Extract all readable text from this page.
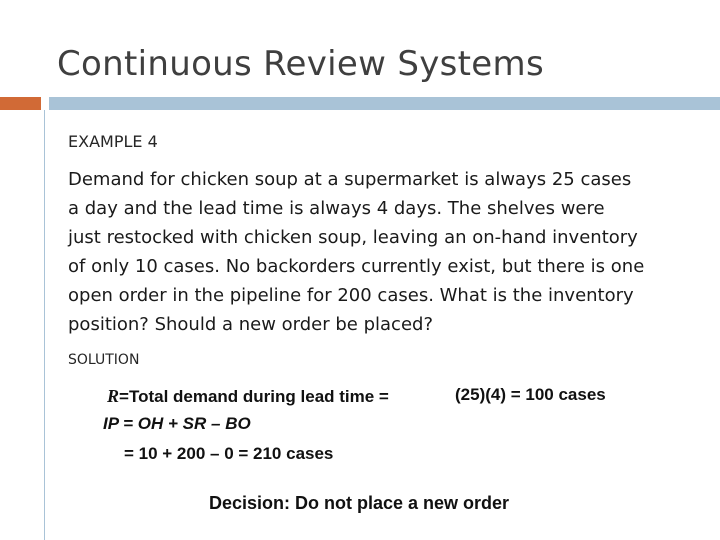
Continuous Review Systems
EXAMPLE 4
Demand for chicken soup at a supermarket is always 25 cases
a day and the lead time is always 4 days. The shelves were
just restocked with chicken soup, leaving an on-hand inventory
of only 10 cases. No backorders currently exist, but there is one
open order in the pipeline for 200 cases. What is the inventory
position? Should a new order be placed?
SOLUTION
R=Total demand during lead time =	(25)(4) = 100 cases
IP = OH + SR – BO
= 10 + 200 – 0 = 210 cases
Decision: Do not place a new order
